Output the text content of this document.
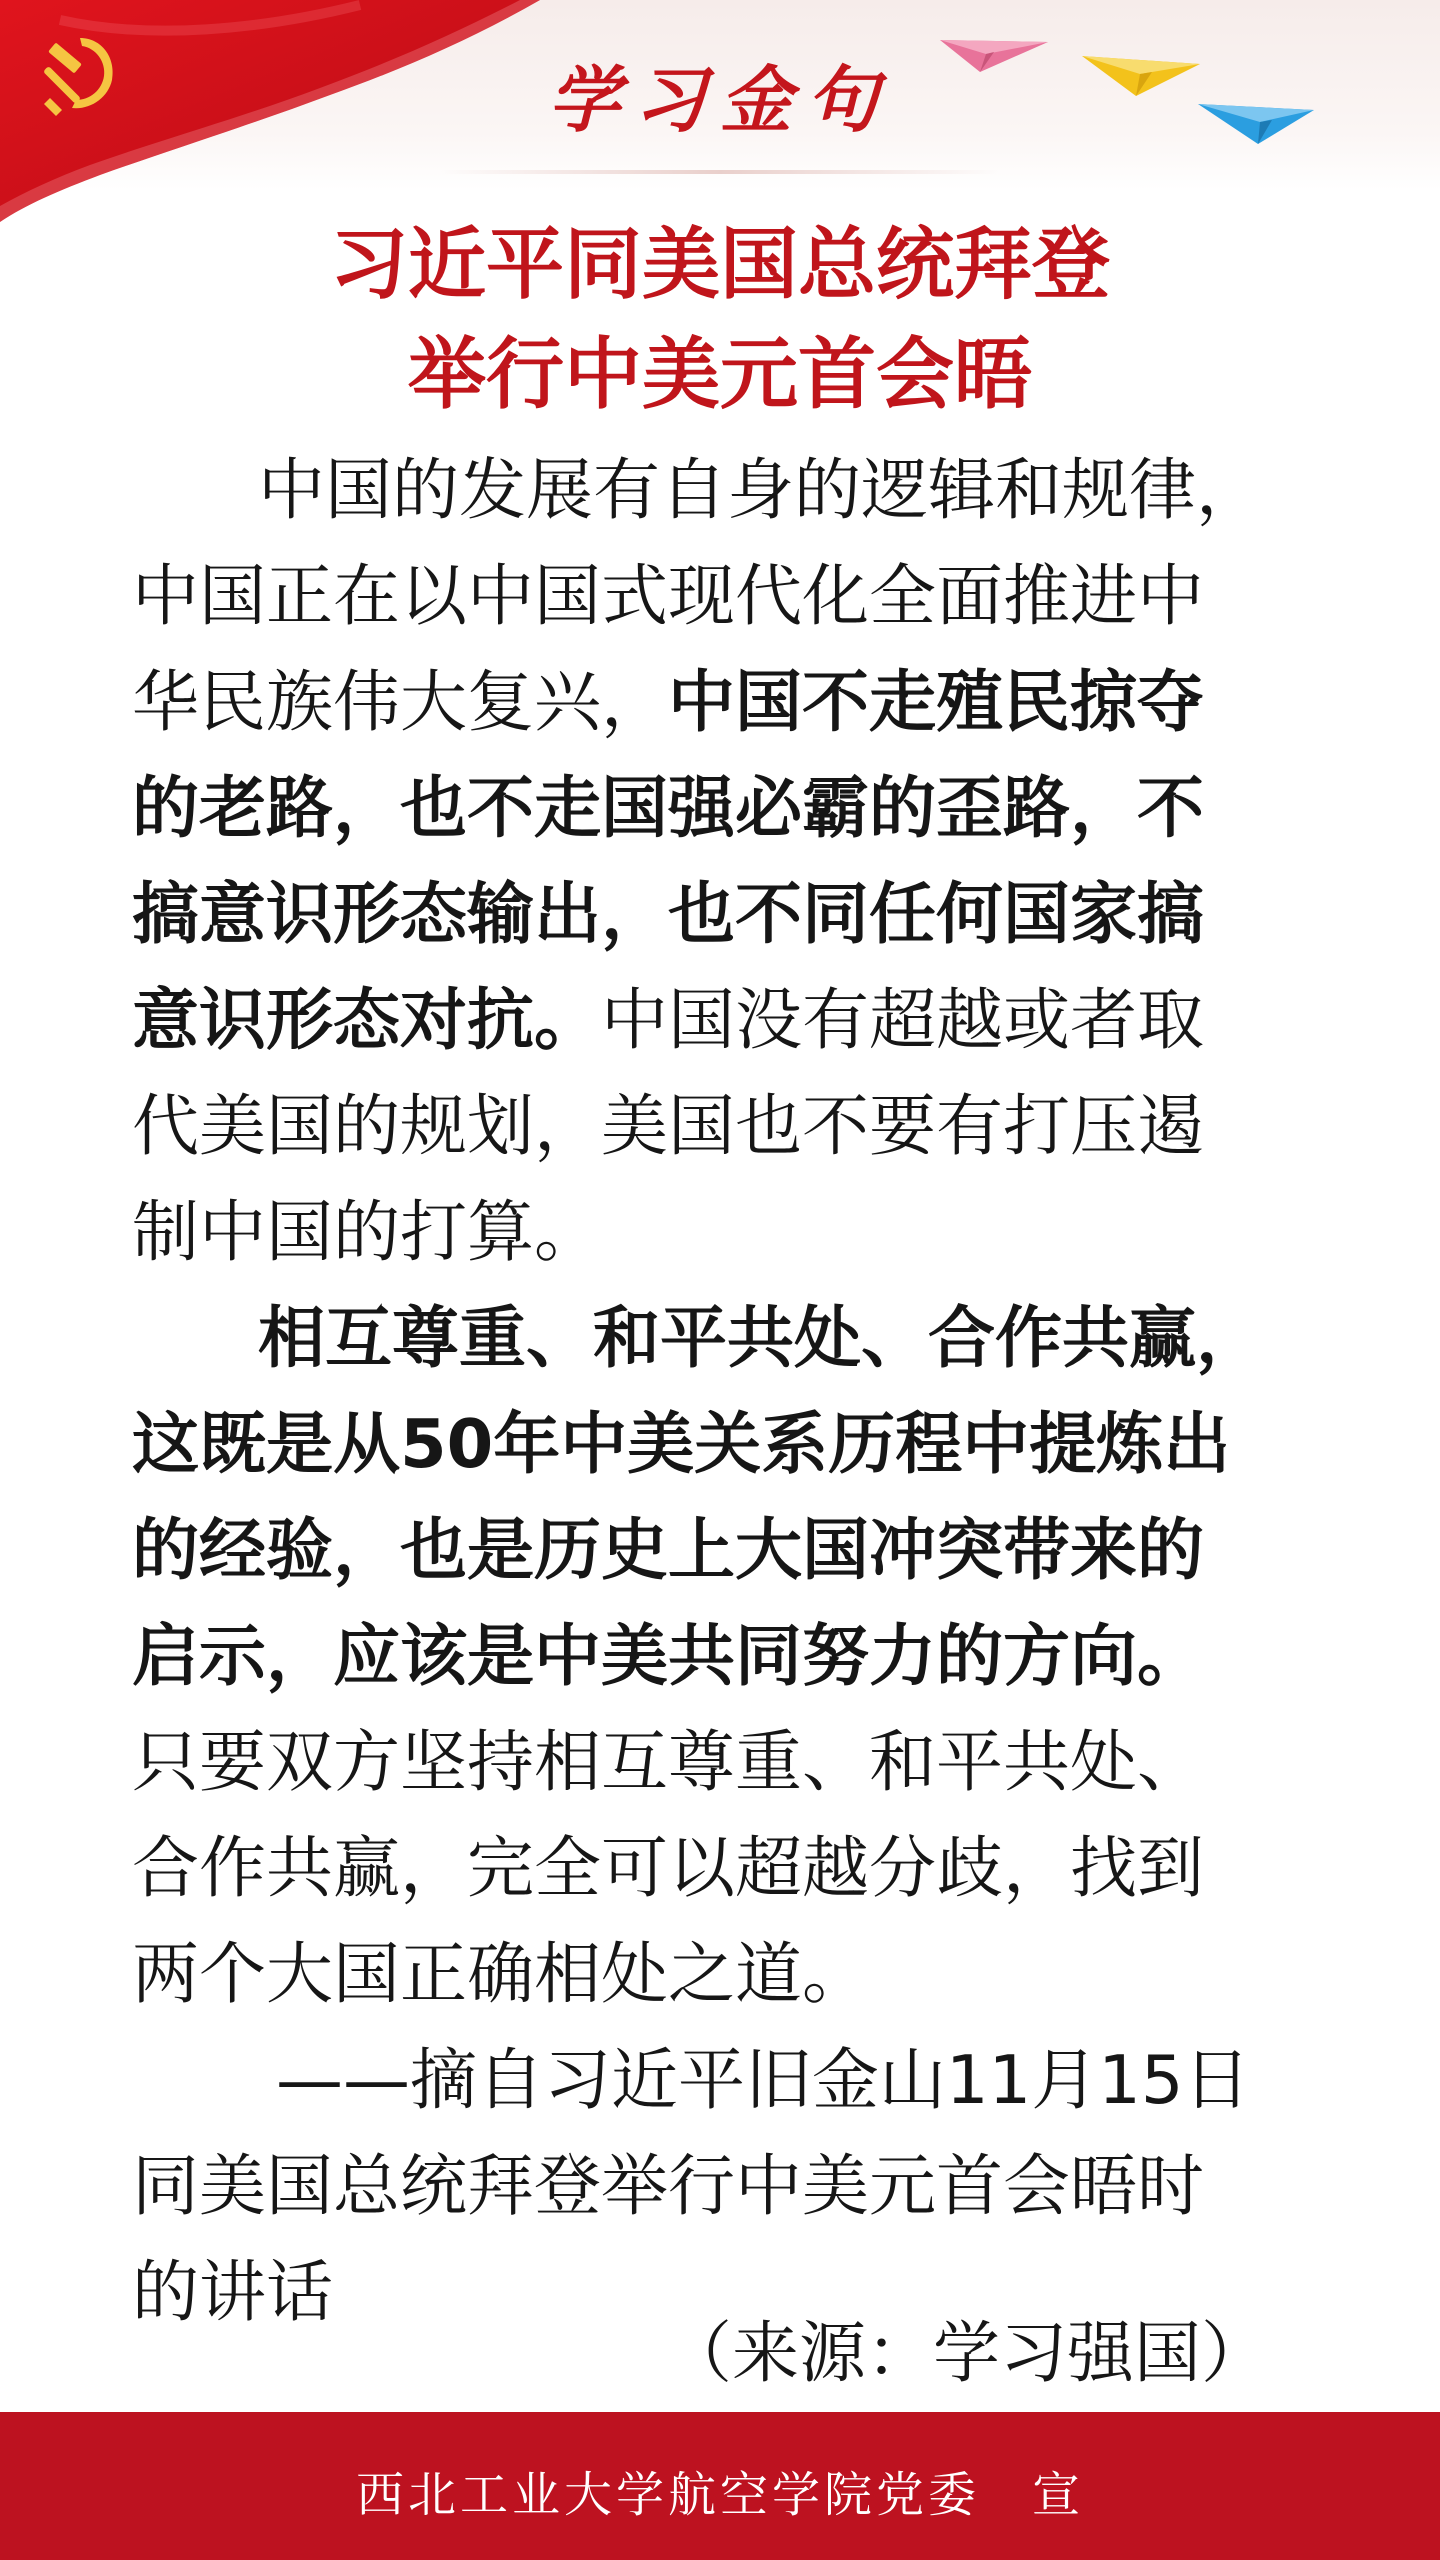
学习金句
习近平同美国总统拜登
举行中美元首会晤
中国的发展有自身的逻辑和规律，
中国正在以中国式现代化全面推进中
华民族伟大复兴，中国不走殖民掠夺
的老路，也不走国强必霸的歪路，不
搞意识形态输出，也不同任何国家搞
意识形态对抗。中国没有超越或者取
代美国的规划，美国也不要有打压遏
制中国的打算。
相互尊重、和平共处、合作共赢，
这既是从50年中美关系历程中提炼出
的经验，也是历史上大国冲突带来的
启示，应该是中美共同努力的方向。
只要双方坚持相互尊重、和平共处、
合作共赢，完全可以超越分歧，找到
两个大国正确相处之道。
——摘自习近平旧金山11月15日
同美国总统拜登举行中美元首会晤时
的讲话
（来源：学习强国）
西北工业大学航空学院党委　宣
